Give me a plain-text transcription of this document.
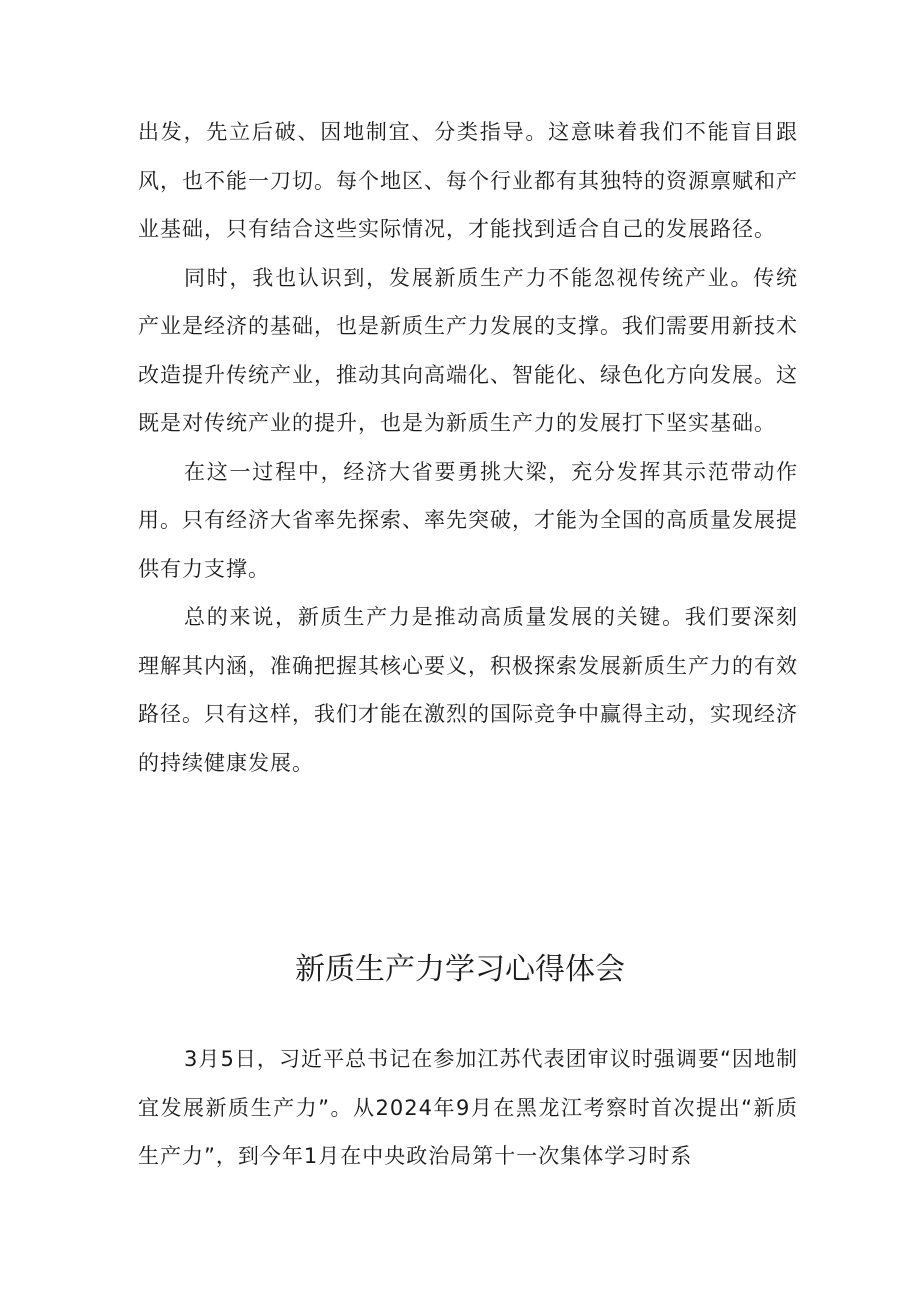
出发，先立后破、因地制宜、分类指导。这意味着我们不能盲目跟风，也不能一刀切。每个地区、每个行业都有其独特的资源禀赋和产业基础，只有结合这些实际情况，才能找到适合自己的发展路径。

同时，我也认识到，发展新质生产力不能忽视传统产业。传统产业是经济的基础，也是新质生产力发展的支撑。我们需要用新技术改造提升传统产业，推动其向高端化、智能化、绿色化方向发展。这既是对传统产业的提升，也是为新质生产力的发展打下坚实基础。

在这一过程中，经济大省要勇挑大梁，充分发挥其示范带动作用。只有经济大省率先探索、率先突破，才能为全国的高质量发展提供有力支撑。

总的来说，新质生产力是推动高质量发展的关键。我们要深刻理解其内涵，准确把握其核心要义，积极探索发展新质生产力的有效路径。只有这样，我们才能在激烈的国际竞争中赢得主动，实现经济的持续健康发展。

新质生产力学习心得体会

3月5日，习近平总书记在参加江苏代表团审议时强调要“因地制宜发展新质生产力”。从2024年9月在黑龙江考察时首次提出“新质生产力”，到今年1月在中央政治局第十一次集体学习时系
